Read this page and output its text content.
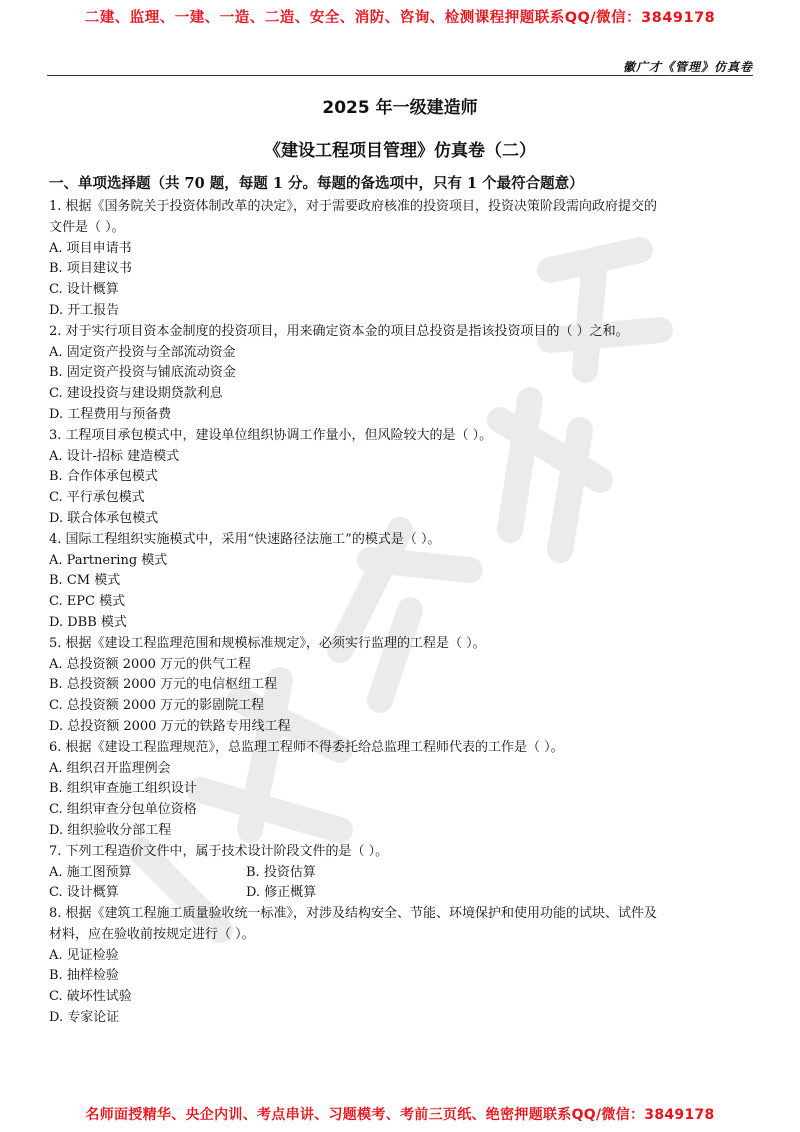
二建、监理、一建、一造、二造、安全、消防、咨询、检测课程押题联系QQ/微信：3849178
徽广才《管理》仿真卷
2025 年一级建造师
《建设工程项目管理》仿真卷（二）
一、单项选择题（共 70 题，每题 1 分。每题的备选项中，只有 1 个最符合题意）

1. 根据《国务院关于投资体制改革的决定》，对于需要政府核准的投资项目，投资决策阶段需向政府提交的

文件是（ ）。

A. 项目申请书

B. 项目建议书

C. 设计概算

D. 开工报告

2. 对于实行项目资本金制度的投资项目，用来确定资本金的项目总投资是指该投资项目的（ ）之和。

A. 固定资产投资与全部流动资金

B. 固定资产投资与铺底流动资金

C. 建设投资与建设期贷款利息

D. 工程费用与预备费

3. 工程项目承包模式中，建设单位组织协调工作量小，但风险较大的是（ ）。

A. 设计-招标 建造模式

B. 合作体承包模式

C. 平行承包模式

D. 联合体承包模式

4. 国际工程组织实施模式中，采用“快速路径法施工”的模式是（ ）。

A. Partnering 模式

B. CM 模式

C. EPC 模式

D. DBB 模式

5. 根据《建设工程监理范围和规模标准规定》，必须实行监理的工程是（ ）。

A. 总投资额 2000 万元的供气工程

B. 总投资额 2000 万元的电信枢纽工程

C. 总投资额 2000 万元的影剧院工程

D. 总投资额 2000 万元的铁路专用线工程

6. 根据《建设工程监理规范》，总监理工程师不得委托给总监理工程师代表的工作是（ ）。

A. 组织召开监理例会

B. 组织审查施工组织设计

C. 组织审查分包单位资格

D. 组织验收分部工程

7. 下列工程造价文件中，属于技术设计阶段文件的是（ ）。

A. 施工图预算	B. 投资估算

C. 设计概算	D. 修正概算

8. 根据《建筑工程施工质量验收统一标准》，对涉及结构安全、节能、环境保护和使用功能的试块、试件及

材料，应在验收前按规定进行（ ）。

A. 见证检验

B. 抽样检验

C. 破坏性试验

D. 专家论证

名师面授精华、央企内训、考点串讲、习题模考、考前三页纸、绝密押题联系QQ/微信：3849178
